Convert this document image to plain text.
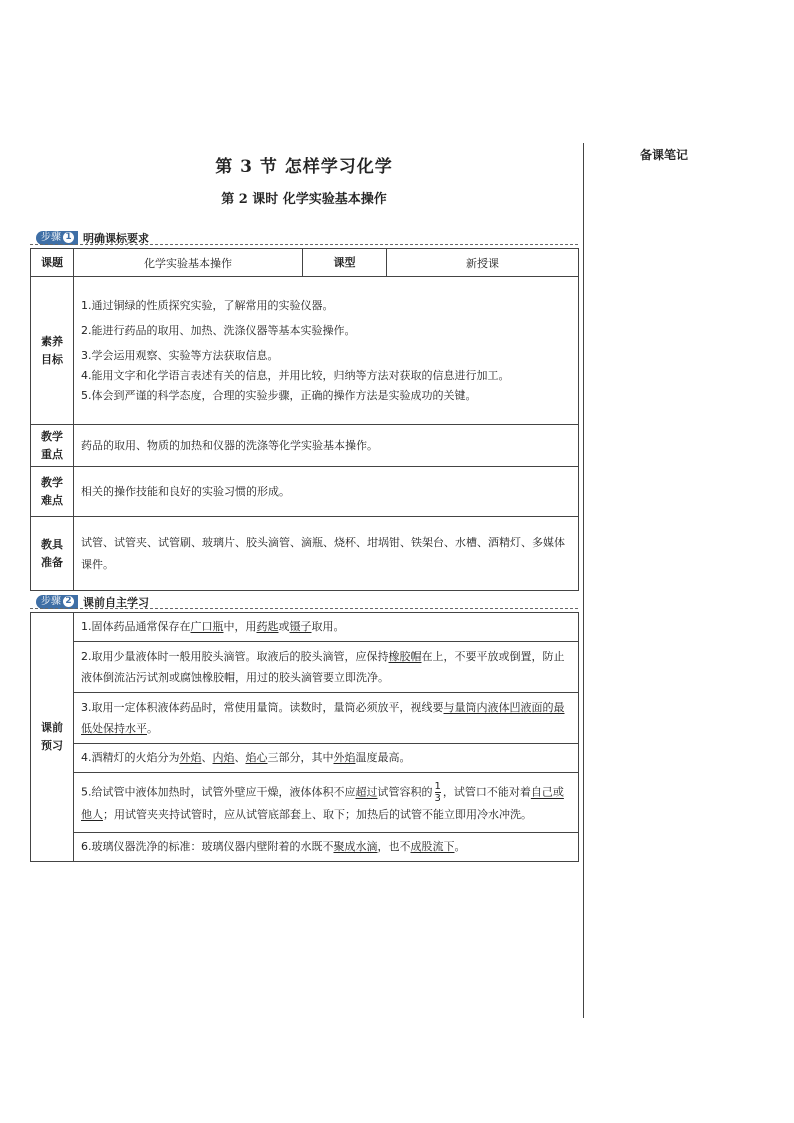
备课笔记
第 3 节 怎样学习化学
第 2 课时 化学实验基本操作
步骤 1 明确课标要求
课题	化学实验基本操作	课型	新授课

素养目标	1.通过铜绿的性质探究实验，了解常用的实验仪器。
2.能进行药品的取用、加热、洗涤仪器等基本实验操作。
3.学会运用观察、实验等方法获取信息。
4.能用文字和化学语言表述有关的信息，并用比较，归纳等方法对获取的信息进行加工。
5.体会到严谨的科学态度，合理的实验步骤，正确的操作方法是实验成功的关键。		

教学重点	药品的取用、物质的加热和仪器的洗涤等化学实验基本操作。		

教学难点	相关的操作技能和良好的实验习惯的形成。		

教具准备	试管、试管夹、试管刷、玻璃片、胶头滴管、滴瓶、烧杯、坩埚钳、铁架台、水槽、酒精灯、多媒体课件。		
步骤 2 课前自主学习
课前预习

1.固体药品通常保存在广口瓶中，用药匙或镊子取用。
2.取用少量液体时一般用胶头滴管。取液后的胶头滴管，应保持橡胶帽在上，不要平放或倒置，防止液体倒流沾污试剂或腐蚀橡胶帽，用过的胶头滴管要立即洗净。
3.取用一定体积液体药品时，常使用量筒。读数时，量筒必须放平，视线要与量筒内液体凹液面的最低处保持水平。
4.酒精灯的火焰分为外焰、内焰、焰心三部分，其中外焰温度最高。
5.给试管中液体加热时，试管外壁应干燥，液体体积不应超过试管容积的 $\frac{1}{3}$ ，试管口不能对着自己或他人；用试管夹夹持试管时，应从试管底部套上、取下；加热后的试管不能立即用冷水冲洗。
6.玻璃仪器洗净的标准：玻璃仪器内壁附着的水既不聚成水滴，也不成股流下。
